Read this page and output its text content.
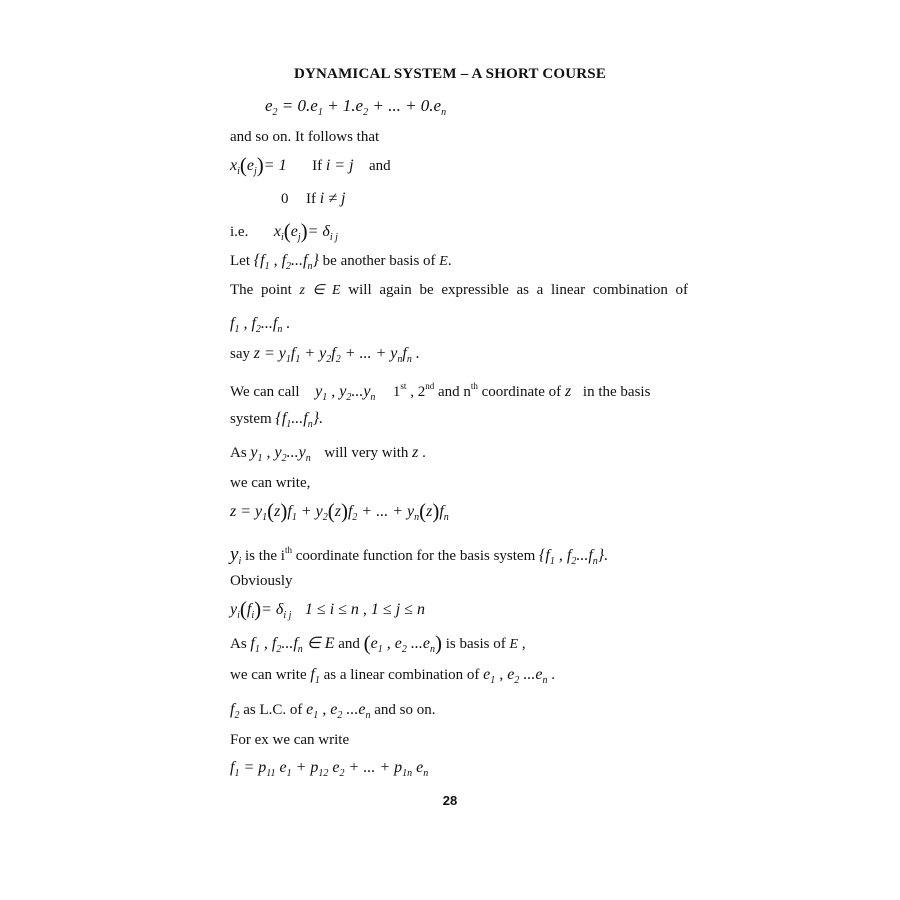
DYNAMICAL SYSTEM – A SHORT COURSE
$e_2 = 0.e_1 + 1.e_2$ + ... + $0.e_n$
and so on. It follows that
$x_i(e_j)= 1$ If i = j and
0 If i ≠ j
i.e. $x_i(e_j)= \delta_{i j}$
Let {$f_1$ , $f_2...f_n$} be another basis of E.
The point z ∈ E will again be expressible as a linear combination of
$f_1$ , $f_2...f_n$ .
say $z = y_1f_1 + y_2f_2$ + ... + $y_nf_n$ .
We can call $y_1$ , $y_2...y_n$  1st , 2nd and $n^{th}$ coordinate of z  in the basis
system $\{f_1...f_n\}$.
As $y_1$ , $y_2...y_n$ will very with z .
we can write,
$z = y_1(z)f_1 + y_2(z)f_2$ + ... + $y_n(z)f_n$
$y_i$ is the $i^{th}$ coordinate function for the basis system {$f_1$ , $f_2...f_n$}.
Obviously
$y_i(f_i)= \delta_{i j}$ 1 ≤ i ≤ n , 1 ≤ j ≤ n
As $f_1$ , $f_2...f_n$ ∈ E and ($e_1$ , $e_2$ $...e_n$) is basis of E ,
we can write $f_1$ as a linear combination of $e_1$ , $e_2$ $...e_n$ .
$f_2$ as L.C. of $e_1$ , $e_2$ $...e_n$ and so on.
For ex we can write
$f_1 = p_{11}$ $e_1 + p_{12}$ $e_2$ + ... + $p_{1n}$ $e_n$
28
